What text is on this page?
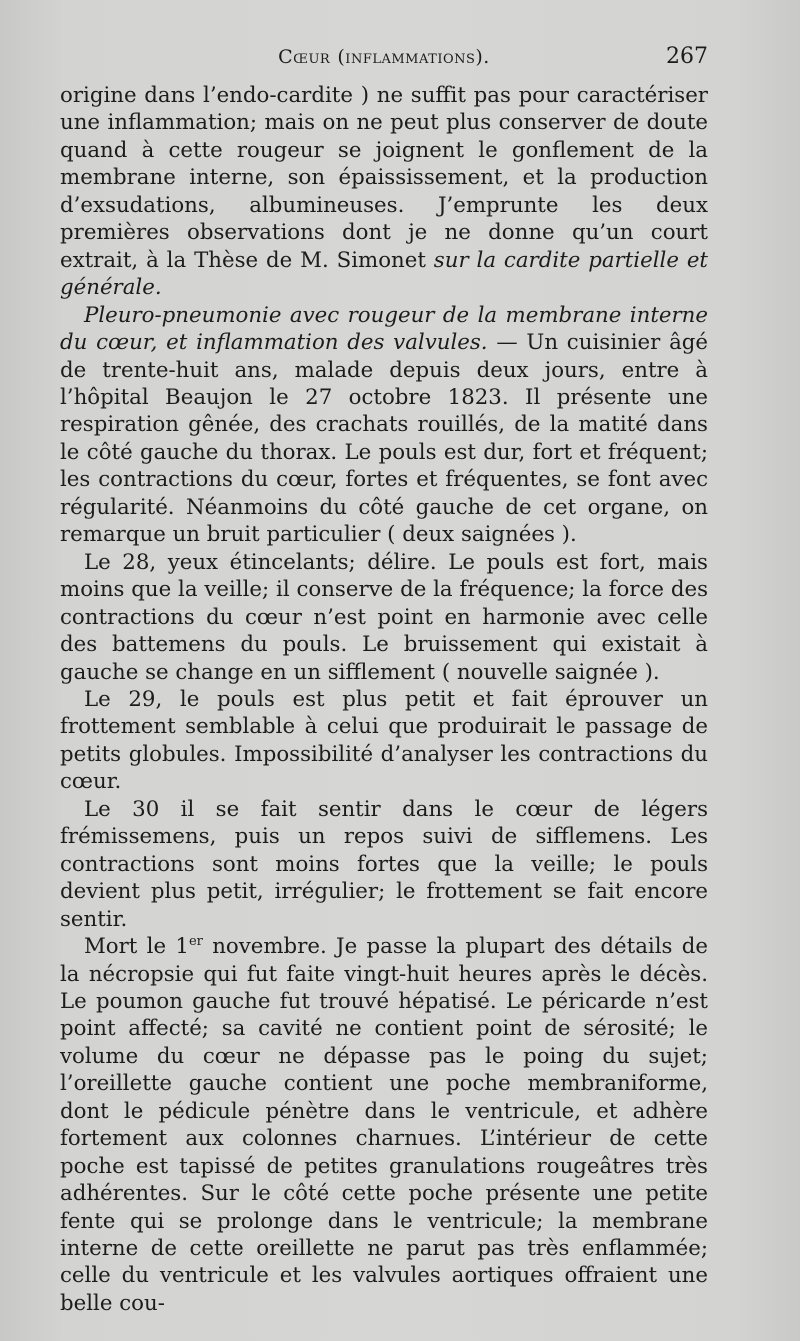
Cœur (inflammations).	267

origine dans l’endo-cardite ) ne suffit pas pour caractériser une inflammation; mais on ne peut plus conserver de doute quand à cette rougeur se joignent le gonflement de la membrane interne, son épaississement, et la production d’exsudations, albumineuses. J’emprunte les deux premières observations dont je ne donne qu’un court extrait, à la Thèse de M. Simonet sur la cardite partielle et générale.

Pleuro-pneumonie avec rougeur de la membrane interne du cœur, et inflammation des valvules. — Un cuisinier âgé de trente-huit ans, malade depuis deux jours, entre à l’hôpital Beaujon le 27 octobre 1823. Il présente une respiration gênée, des crachats rouillés, de la matité dans le côté gauche du thorax. Le pouls est dur, fort et fréquent; les contractions du cœur, fortes et fréquentes, se font avec régularité. Néanmoins du côté gauche de cet organe, on remarque un bruit particulier ( deux saignées ).

Le 28, yeux étincelants; délire. Le pouls est fort, mais moins que la veille; il conserve de la fréquence; la force des contractions du cœur n’est point en harmonie avec celle des battemens du pouls. Le bruissement qui existait à gauche se change en un sifflement ( nouvelle saignée ).

Le 29, le pouls est plus petit et fait éprouver un frottement semblable à celui que produirait le passage de petits globules. Impossibilité d’analyser les contractions du cœur.

Le 30 il se fait sentir dans le cœur de légers frémissemens, puis un repos suivi de sifflemens. Les contractions sont moins fortes que la veille; le pouls devient plus petit, irrégulier; le frottement se fait encore sentir.

Mort le 1er novembre. Je passe la plupart des détails de la nécropsie qui fut faite vingt-huit heures après le décès. Le poumon gauche fut trouvé hépatisé. Le péricarde n’est point affecté; sa cavité ne contient point de sérosité; le volume du cœur ne dépasse pas le poing du sujet; l’oreillette gauche contient une poche membraniforme, dont le pédicule pénètre dans le ventricule, et adhère fortement aux colonnes charnues. L’intérieur de cette poche est tapissé de petites granulations rougeâtres très adhérentes. Sur le côté cette poche présente une petite fente qui se prolonge dans le ventricule; la membrane interne de cette oreillette ne parut pas très enflammée; celle du ventricule et les valvules aortiques offraient une belle cou-
